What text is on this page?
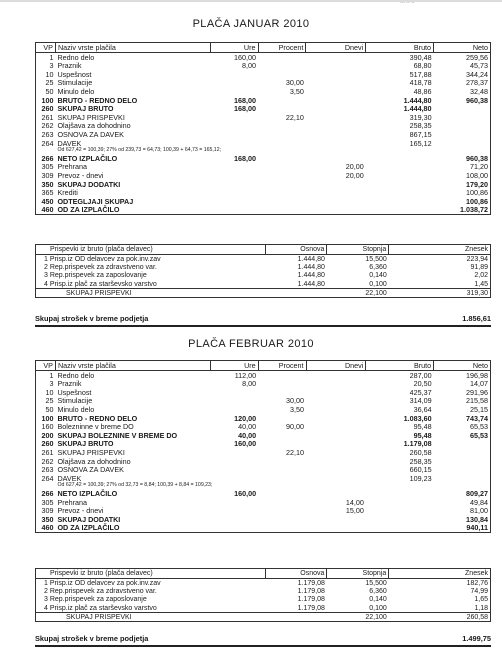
--- -- --
PLAČA JANUAR 2010
VP	Naziv vrste plačila	Ure	Procent	Dnevi	Bruto	Neto
1	Redno delo	160,00			390,48	259,56
3	Praznik	8,00			68,80	45,73
10	Uspešnost				517,88	344,24
25	Stimulacije		30,00		418,78	278,37
50	Minulo delo		3,50		48,86	32,48
100	BRUTO - REDNO DELO	168,00			1.444,80	960,38
260	SKUPAJ BRUTO	168,00			1.444,80	
261	SKUPAJ PRISPEVKI		22,10		319,30	
262	Olajšava za dohodnino				258,35	
263	OSNOVA ZA DAVEK				867,15	
264	DAVEK				165,12	
	Od 627,42 = 100,39; 27% od 239,73 = 64,73; 100,39 + 64,73 = 165,12;					
266	NETO IZPLAČILO	168,00				960,38
305	Prehrana			20,00		71,20
309	Prevoz - dnevi			20,00		108,00
350	SKUPAJ DODATKI					179,20
365	Krediti					100,86
450	ODTEGLJAJI SKUPAJ					100,86
460	OD ZA IZPLAČILO					1.038,72
Prispevki iz bruto (plača delavec)	Osnova	Stopnja	Znesek
1 Prisp.iz OD delavcev za pok.inv.zav	1.444,80	15,500	223,94
2 Rep.prispevek za zdravstveno var.	1.444,80	6,360	91,89
3 Rep.prispevek za zaposlovanje	1.444,80	0,140	2,02
4 Prisp.iz plač za starševsko varstvo	1.444,80	0,100	1,45
SKUPAJ PRISPEVKI		22,100	319,30
Skupaj strošek v breme podjetja	1.856,61
PLAČA FEBRUAR 2010
VP	Naziv vrste plačila	Ure	Procent	Dnevi	Bruto	Neto
1	Redno delo	112,00			287,00	196,98
3	Praznik	8,00			20,50	14,07
10	Uspešnost				425,37	291,96
25	Stimulacije		30,00		314,09	215,58
50	Minulo delo		3,50		36,64	25,15
100	BRUTO - REDNO DELO	120,00			1.083,60	743,74
160	Bolezninne v breme DO	40,00	90,00		95,48	65,53
200	SKUPAJ BOLEZNINE V BREME DO	40,00			95,48	65,53
260	SKUPAJ BRUTO	160,00			1.179,08	
261	SKUPAJ PRISPEVKI		22,10		260,58	
262	Olajšava za dohodnino				258,35	
263	OSNOVA ZA DAVEK				660,15	
264	DAVEK				109,23	
	Od 627,42 = 100,39; 27% od 32,73 = 8,84; 100,39 + 8,84 = 109,23;					
266	NETO IZPLAČILO	160,00				809,27
305	Prehrana			14,00		49,84
309	Prevoz - dnevi			15,00		81,00
350	SKUPAJ DODATKI					130,84
460	OD ZA IZPLAČILO					940,11
Prispevki iz bruto (plača delavec)	Osnova	Stopnja	Znesek
1 Prisp.iz OD delavcev za pok.inv.zav	1.179,08	15,500	182,76
2 Rep.prispevek za zdravstveno var.	1.179,08	6,360	74,99
3 Rep.prispevek za zaposlovanje	1.179,08	0,140	1,65
4 Prisp.iz plač za starševsko varstvo	1.179,08	0,100	1,18
SKUPAJ PRISPEVKI		22,100	260,58
Skupaj strošek v breme podjetja	1.499,75
